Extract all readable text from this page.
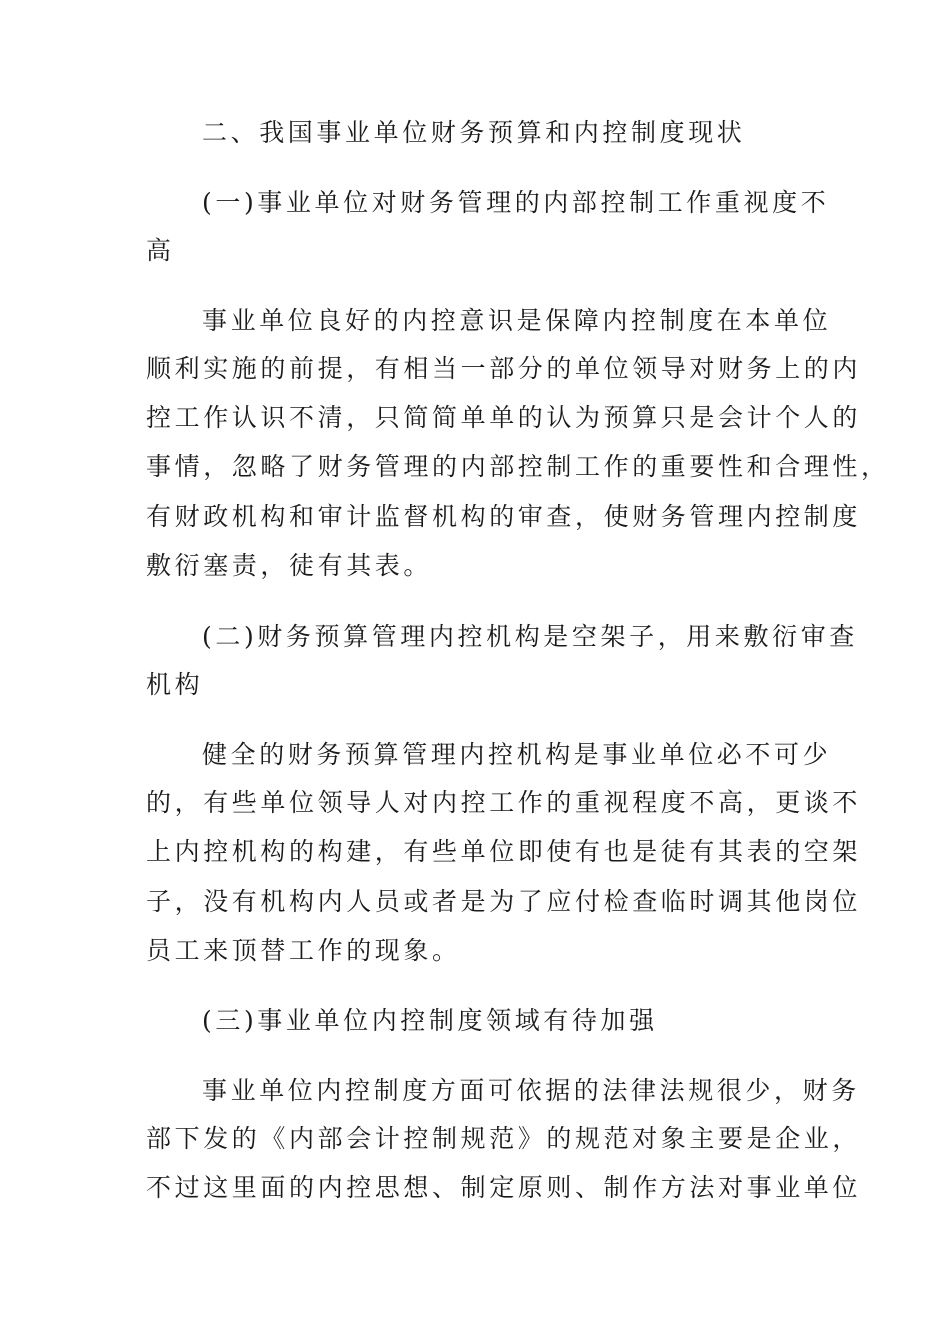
二、我国事业单位财务预算和内控制度现状
(一)事业单位对财务管理的内部控制工作重视度不
高
事业单位良好的内控意识是保障内控制度在本单位
顺利实施的前提，有相当一部分的单位领导对财务上的内
控工作认识不清，只简简单单的认为预算只是会计个人的
事情，忽略了财务管理的内部控制工作的重要性和合理性，
有财政机构和审计监督机构的审查，使财务管理内控制度
敷衍塞责，徒有其表。
(二)财务预算管理内控机构是空架子，用来敷衍审查
机构
健全的财务预算管理内控机构是事业单位必不可少
的，有些单位领导人对内控工作的重视程度不高，更谈不
上内控机构的构建，有些单位即使有也是徒有其表的空架
子，没有机构内人员或者是为了应付检查临时调其他岗位
员工来顶替工作的现象。
(三)事业单位内控制度领域有待加强
事业单位内控制度方面可依据的法律法规很少，财务
部下发的《内部会计控制规范》的规范对象主要是企业，
不过这里面的内控思想、制定原则、制作方法对事业单位
